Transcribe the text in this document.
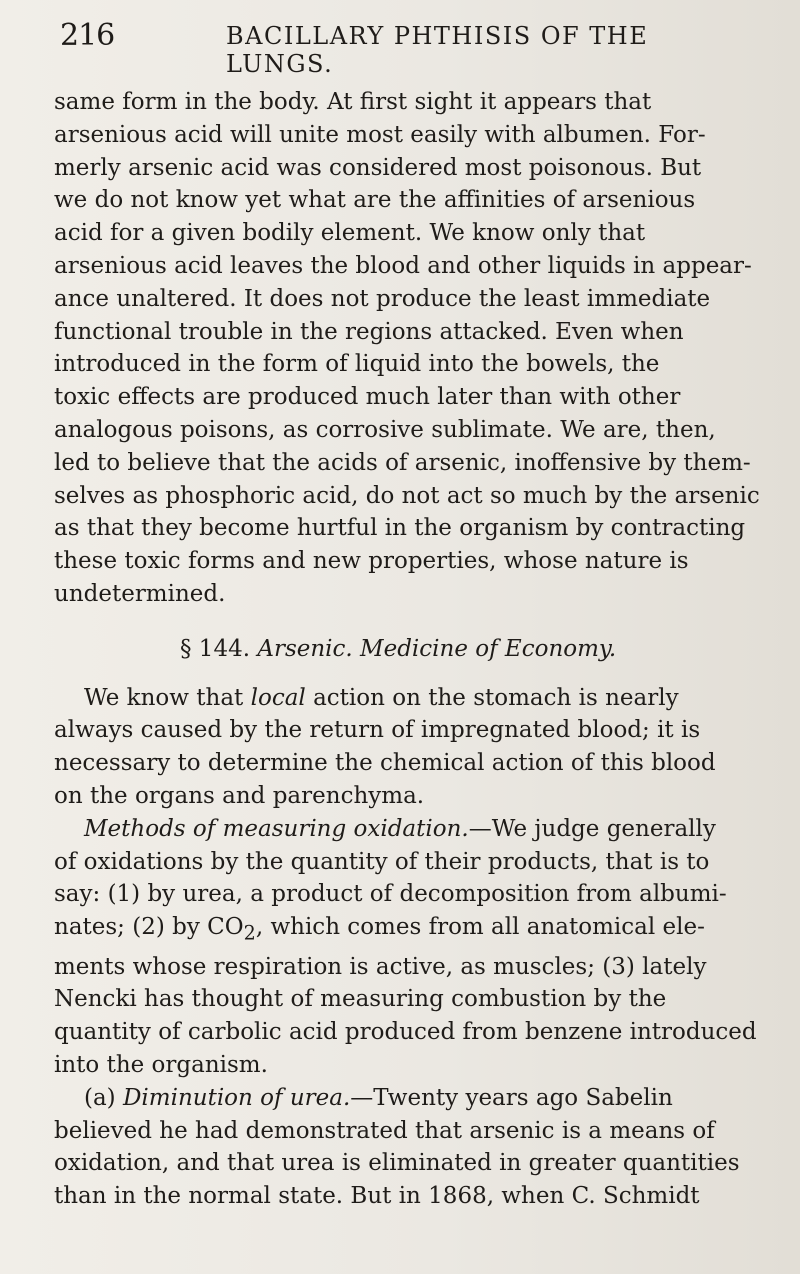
216	BACILLARY PHTHISIS OF THE LUNGS.
same form in the body. At first sight it appears that
arsenious acid will unite most easily with albumen. For-
merly arsenic acid was considered most poisonous. But
we do not know yet what are the affinities of arsenious
acid for a given bodily element. We know only that
arsenious acid leaves the blood and other liquids in appear-
ance unaltered. It does not produce the least immediate
functional trouble in the regions attacked. Even when
introduced in the form of liquid into the bowels, the
toxic effects are produced much later than with other
analogous poisons, as corrosive sublimate. We are, then,
led to believe that the acids of arsenic, inoffensive by them-
selves as phosphoric acid, do not act so much by the arsenic
as that they become hurtful in the organism by contracting
these toxic forms and new properties, whose nature is
undetermined.
§ 144. Arsenic. Medicine of Economy.
We know that local action on the stomach is nearly
always caused by the return of impregnated blood; it is
necessary to determine the chemical action of this blood
on the organs and parenchyma.
Methods of measuring oxidation.—We judge generally
of oxidations by the quantity of their products, that is to
say: (1) by urea, a product of decomposition from albumi-
nates; (2) by $CO_2$, which comes from all anatomical ele-
ments whose respiration is active, as muscles; (3) lately
Nencki has thought of measuring combustion by the
quantity of carbolic acid produced from benzene introduced
into the organism.
(a) Diminution of urea.—Twenty years ago Sabelin
believed he had demonstrated that arsenic is a means of
oxidation, and that urea is eliminated in greater quantities
than in the normal state. But in 1868, when C. Schmidt
